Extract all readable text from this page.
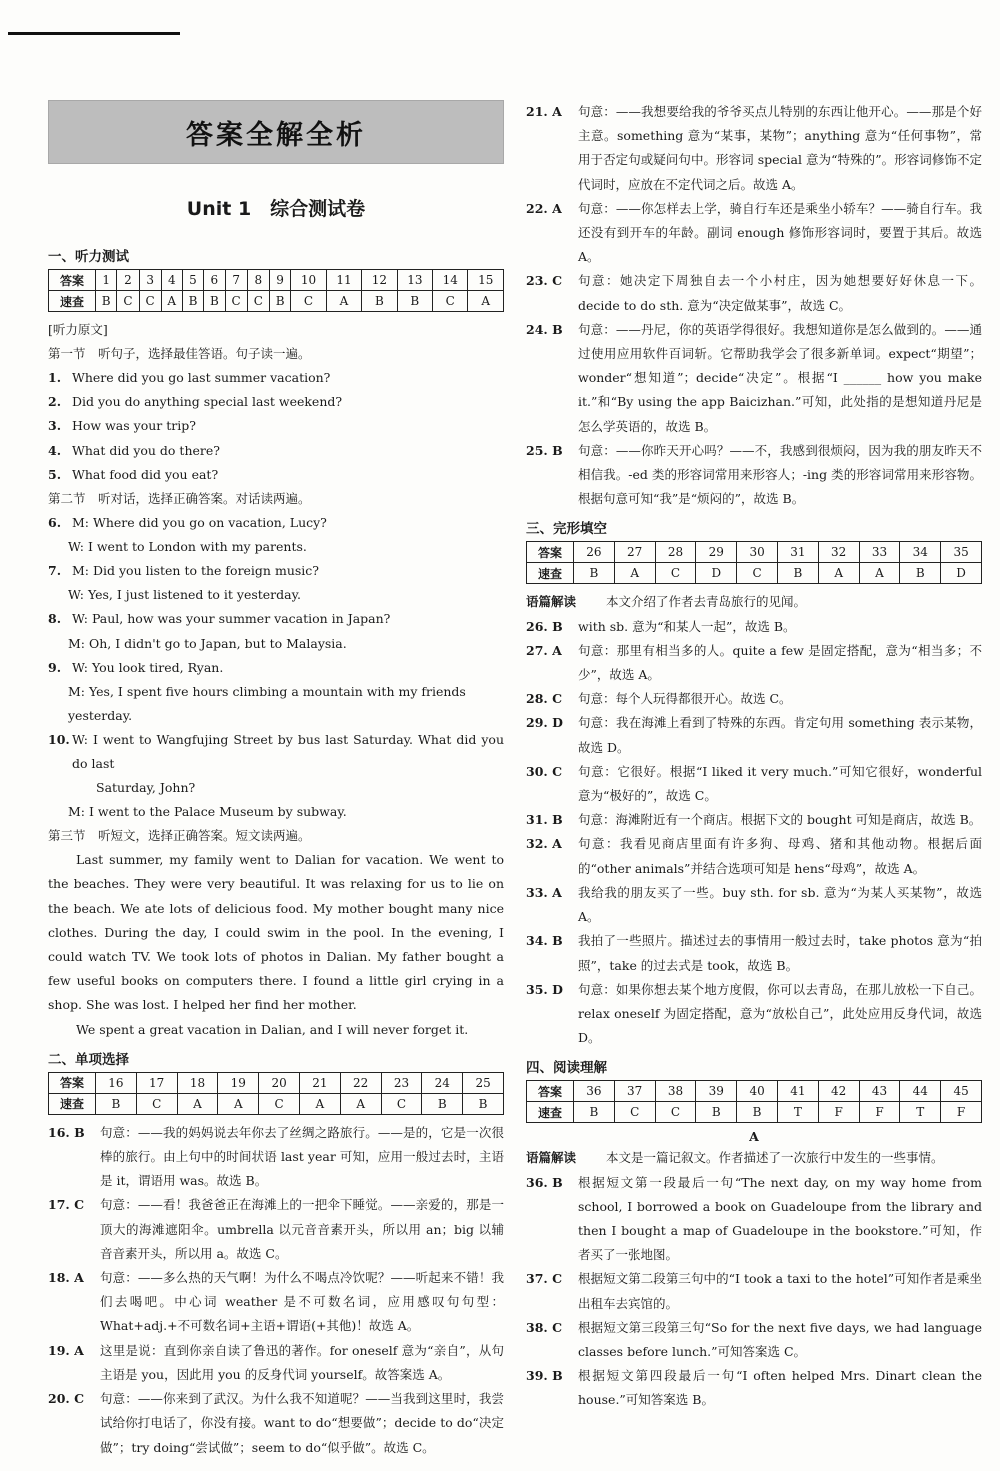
答案全解全析
Unit 1　综合测试卷
一、听力测试
答案	1	2	3	4	5	6	7	8	9	10	11	12	13	14	15
速查	B	C	C	A	B	B	C	C	B	C	A	B	B	C	A
[听力原文]
第一节　听句子，选择最佳答语。句子读一遍。
1. Where did you go last summer vacation?
2. Did you do anything special last weekend?
3. How was your trip?
4. What did you do there?
5. What food did you eat?
第二节　听对话，选择正确答案。对话读两遍。
6. M: Where did you go on vacation, Lucy?
W: I went to London with my parents.
7. M: Did you listen to the foreign music?
W: Yes, I just listened to it yesterday.
8. W: Paul, how was your summer vacation in Japan?
M: Oh, I didn't go to Japan, but to Malaysia.
9. W: You look tired, Ryan.
M: Yes, I spent five hours climbing a mountain with my friends yesterday.
10. W: I went to Wangfujing Street by bus last Saturday. What did you do last
Saturday, John?
M: I went to the Palace Museum by subway.
第三节　听短文，选择正确答案。短文读两遍。
Last summer, my family went to Dalian for vacation. We went to the beaches. They were very beautiful. It was relaxing for us to lie on the beach. We ate lots of delicious food. My mother bought many nice clothes. During the day, I could swim in the pool. In the evening, I could watch TV. We took lots of photos in Dalian. My father bought a few useful books on computers there. I found a little girl crying in a shop. She was lost. I helped her find her mother.
We spent a great vacation in Dalian, and I will never forget it.
二、单项选择
答案	16	17	18	19	20	21	22	23	24	25
速查	B	C	A	A	C	A	A	C	B	B
16. B	句意：——我的妈妈说去年你去了丝绸之路旅行。——是的，它是一次很棒的旅行。由上句中的时间状语 last year 可知，应用一般过去时，主语是 it，谓语用 was。故选 B。
17. C	句意：——看！我爸爸正在海滩上的一把伞下睡觉。——亲爱的，那是一顶大的海滩遮阳伞。umbrella 以元音音素开头，所以用 an；big 以辅音音素开头，所以用 a。故选 C。
18. A	句意：——多么热的天气啊！为什么不喝点冷饮呢？——听起来不错！我们去喝吧。中心词 weather 是不可数名词，应用感叹句句型：What+adj.+不可数名词+主语+谓语(+其他)！故选 A。
19. A	这里是说：直到你亲自读了鲁迅的著作。for oneself 意为“亲自”，从句主语是 you，因此用 you 的反身代词 yourself。故答案选 A。
20. C	句意：——你来到了武汉。为什么我不知道呢？——当我到这里时，我尝试给你打电话了，你没有接。want to do“想要做”；decide to do“决定做”；try doing“尝试做”；seem to do“似乎做”。故选 C。
21. A	句意：——我想要给我的爷爷买点儿特别的东西让他开心。——那是个好主意。something 意为“某事，某物”；anything 意为“任何事物”，常用于否定句或疑问句中。形容词 special 意为“特殊的”。形容词修饰不定代词时，应放在不定代词之后。故选 A。
22. A	句意：——你怎样去上学，骑自行车还是乘坐小轿车？——骑自行车。我还没有到开车的年龄。副词 enough 修饰形容词时，要置于其后。故选 A。
23. C	句意：她决定下周独自去一个小村庄，因为她想要好好休息一下。decide to do sth. 意为“决定做某事”，故选 C。
24. B	句意：——丹尼，你的英语学得很好。我想知道你是怎么做到的。——通过使用应用软件百词斩。它帮助我学会了很多新单词。expect“期望”；wonder“想知道”；decide“决定”。根据“I ______ how you make it.”和“By using the app Baicizhan.”可知，此处指的是想知道丹尼是怎么学英语的，故选 B。
25. B	句意：——你昨天开心吗？——不，我感到很烦闷，因为我的朋友昨天不相信我。-ed 类的形容词常用来形容人；-ing 类的形容词常用来形容物。根据句意可知“我”是“烦闷的”，故选 B。
三、完形填空
答案	26	27	28	29	30	31	32	33	34	35
速查	B	A	C	D	C	B	A	A	B	D
语篇解读	本文介绍了作者去青岛旅行的见闻。
26. B	with sb. 意为“和某人一起”，故选 B。
27. A	句意：那里有相当多的人。quite a few 是固定搭配，意为“相当多；不少”，故选 A。
28. C	句意：每个人玩得都很开心。故选 C。
29. D	句意：我在海滩上看到了特殊的东西。肯定句用 something 表示某物，故选 D。
30. C	句意：它很好。根据“I liked it very much.”可知它很好，wonderful 意为“极好的”，故选 C。
31. B	句意：海滩附近有一个商店。根据下文的 bought 可知是商店，故选 B。
32. A	句意：我看见商店里面有许多狗、母鸡、猪和其他动物。根据后面的“other animals”并结合选项可知是 hens“母鸡”，故选 A。
33. A	我给我的朋友买了一些。buy sth. for sb. 意为“为某人买某物”，故选 A。
34. B	我拍了一些照片。描述过去的事情用一般过去时，take photos 意为“拍照”，take 的过去式是 took，故选 B。
35. D	句意：如果你想去某个地方度假，你可以去青岛，在那儿放松一下自己。relax oneself 为固定搭配，意为“放松自己”，此处应用反身代词，故选 D。
四、阅读理解
答案	36	37	38	39	40	41	42	43	44	45
速查	B	C	C	B	B	T	F	F	T	F
A
语篇解读	本文是一篇记叙文。作者描述了一次旅行中发生的一些事情。
36. B	根据短文第一段最后一句“The next day, on my way home from school, I borrowed a book on Guadeloupe from the library and then I bought a map of Guadeloupe in the bookstore.”可知，作者买了一张地图。
37. C	根据短文第二段第三句中的“I took a taxi to the hotel”可知作者是乘坐出租车去宾馆的。
38. C	根据短文第三段第三句“So for the next five days, we had language classes before lunch.”可知答案选 C。
39. B	根据短文第四段最后一句“I often helped Mrs. Dinart clean the house.”可知答案选 B。
